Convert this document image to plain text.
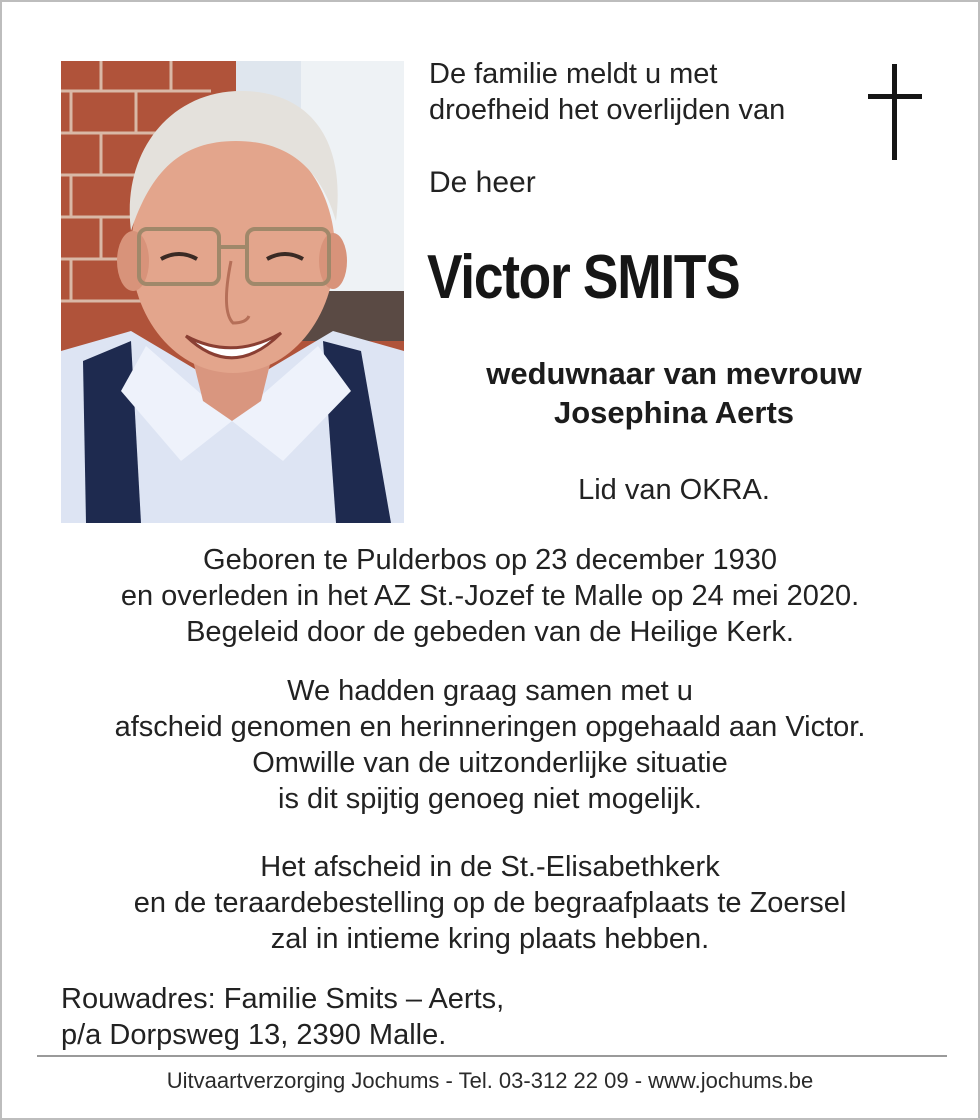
De familie meldt u met
droefheid het overlijden van
De heer
Victor SMITS
weduwnaar van mevrouw
Josephina Aerts
Lid van OKRA.
Geboren te Pulderbos op 23 december 1930
en overleden in het AZ St.-Jozef te Malle op 24 mei 2020.
Begeleid door de gebeden van de Heilige Kerk.
We hadden graag samen met u
afscheid genomen en herinneringen opgehaald aan Victor.
Omwille van de uitzonderlijke situatie
is dit spijtig genoeg niet mogelijk.
Het afscheid in de St.-Elisabethkerk
en de teraardebestelling op de begraafplaats te Zoersel
zal in intieme kring plaats hebben.
Rouwadres: Familie Smits – Aerts,
p/a Dorpsweg 13, 2390 Malle.
Uitvaartverzorging Jochums - Tel. 03-312 22 09 - www.jochums.be
